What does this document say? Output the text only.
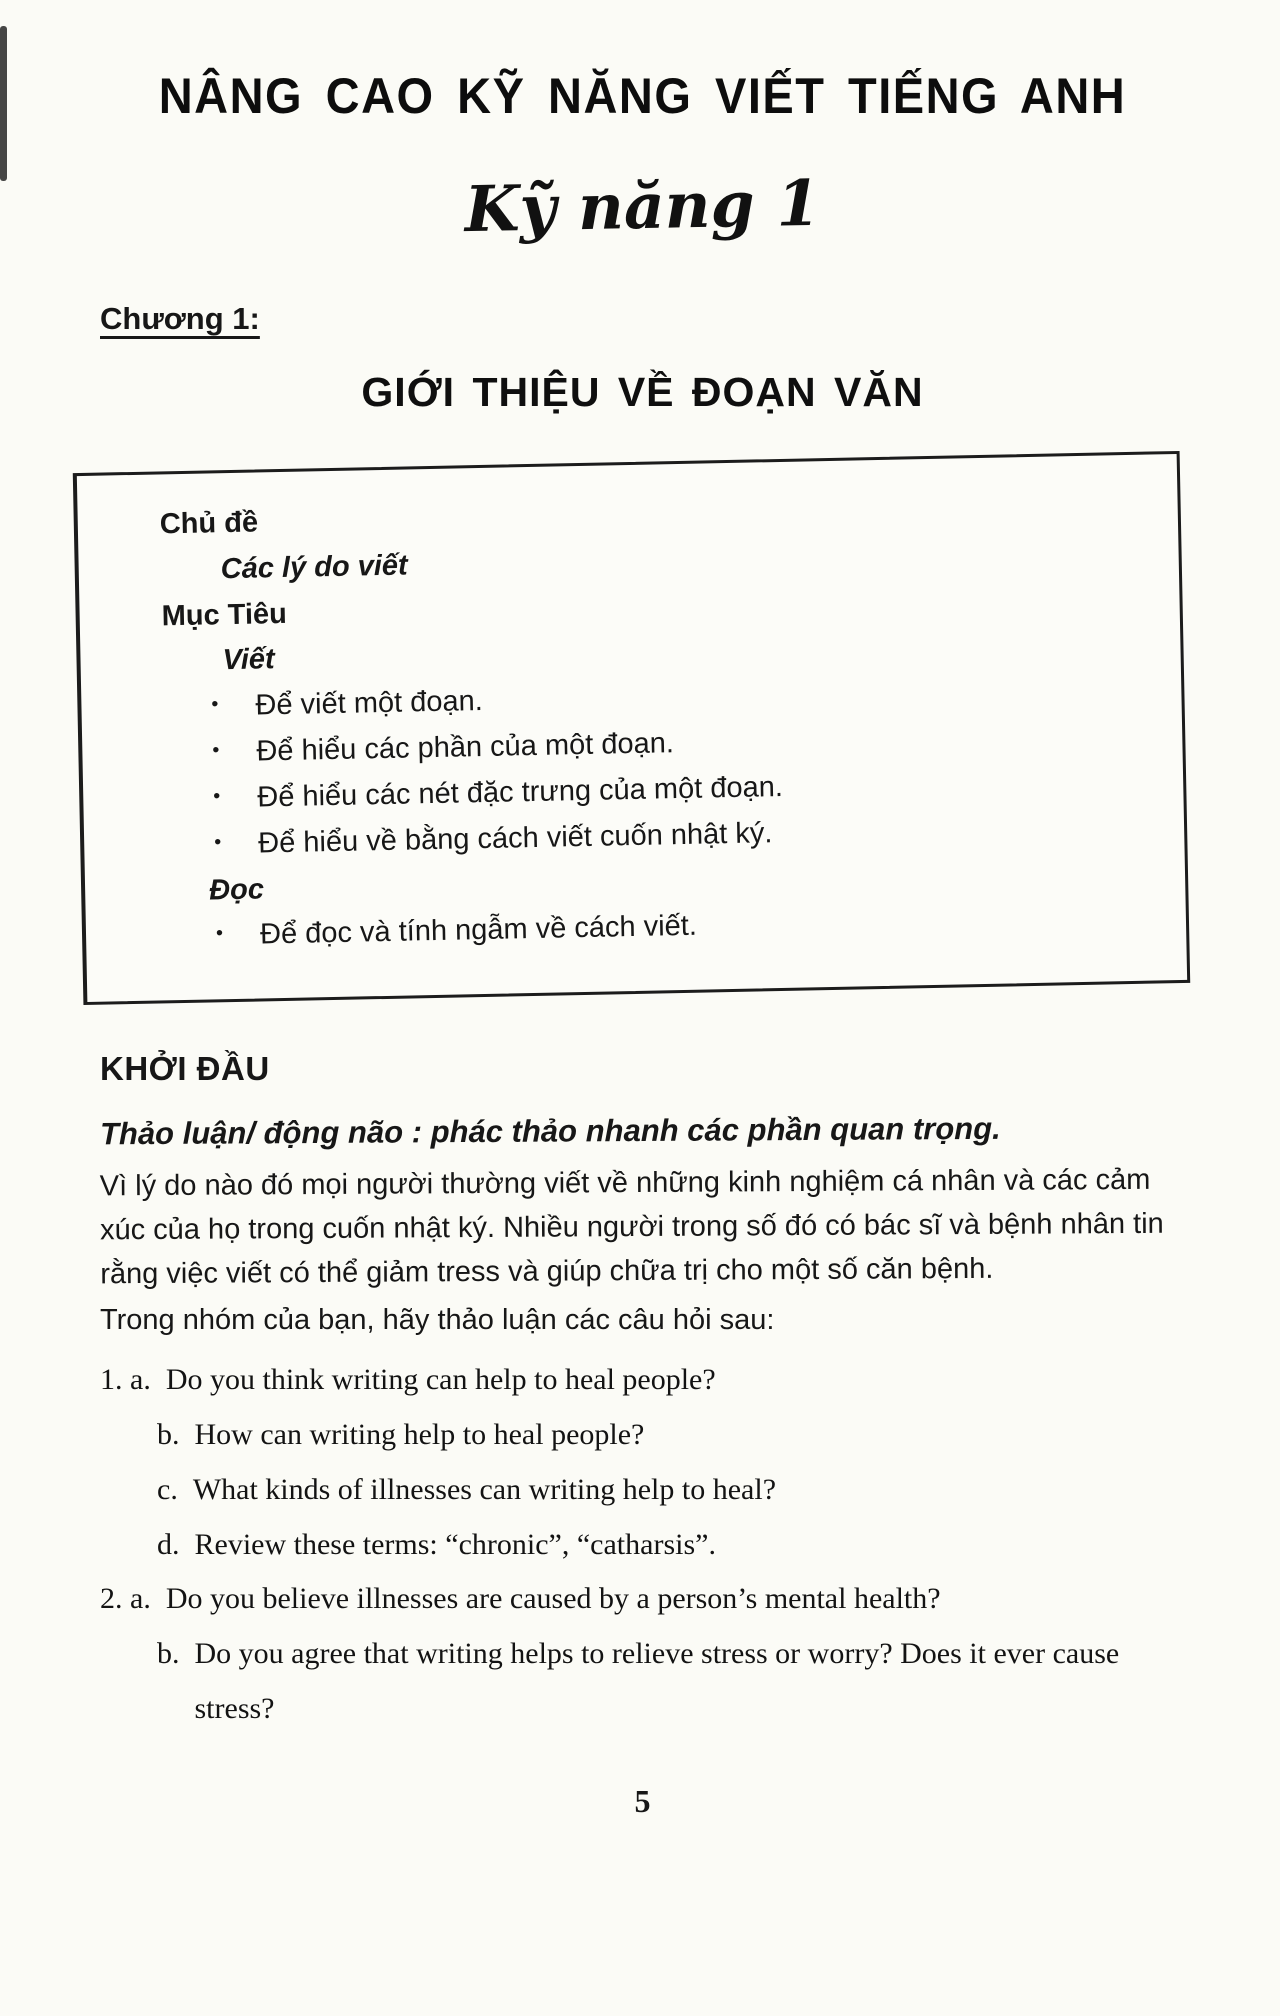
NÂNG CAO KỸ NĂNG VIẾT TIẾNG ANH
Kỹ năng 1
Chương 1:
GIỚI THIỆU VỀ ĐOẠN VĂN
Chủ đề
Các lý do viết
Mục Tiêu
Viết
•	Để viết một đoạn.
•	Để hiểu các phần của một đoạn.
•	Để hiểu các nét đặc trưng của một đoạn.
•	Để hiểu về bằng cách viết cuốn nhật ký.
Đọc
•	Để đọc và tính ngẫm về cách viết.
KHỞI ĐẦU
Thảo luận/ động não : phác thảo nhanh các phần quan trọng.
Vì lý do nào đó mọi người thường viết về những kinh nghiệm cá nhân và các cảm xúc của họ trong cuốn nhật ký. Nhiều người trong số đó có bác sĩ và bệnh nhân tin rằng việc viết có thể giảm tress và giúp chữa trị cho một số căn bệnh.
Trong nhóm của bạn, hãy thảo luận các câu hỏi sau:
1. a. Do you think writing can help to heal people?
b. How can writing help to heal people?
c. What kinds of illnesses can writing help to heal?
d. Review these terms: “chronic”, “catharsis”.
2. a. Do you believe illnesses are caused by a person’s mental health?
b. Do you agree that writing helps to relieve stress or worry? Does it ever cause stress?
5
